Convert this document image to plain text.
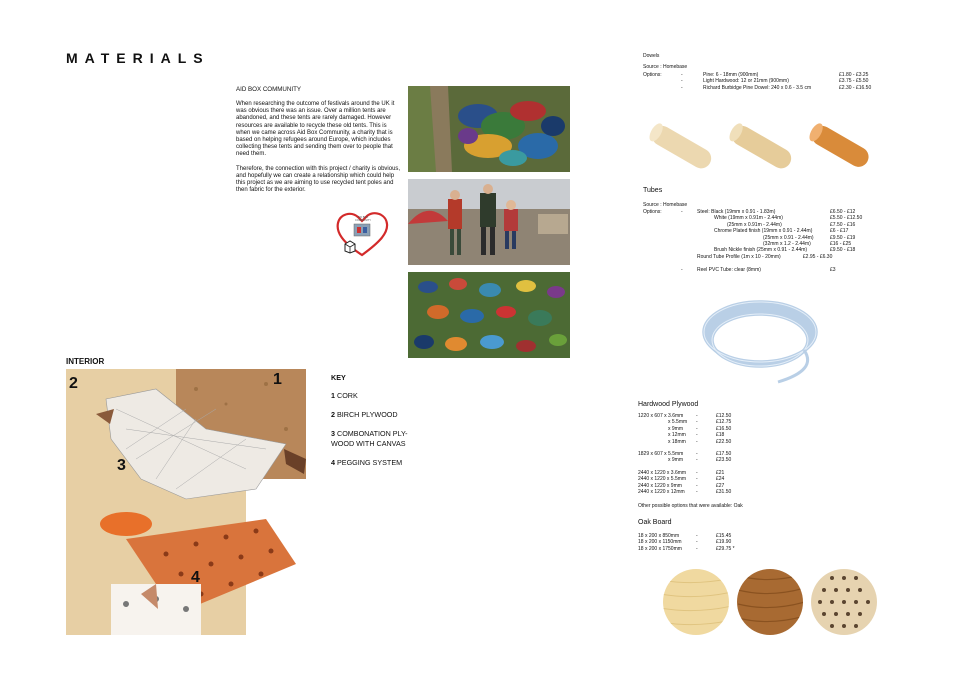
MATERIALS
AID BOX COMMUNITY

When researching the outcome of festivals around the UK it was obvious there was an issue. Over a million tents are abandoned, and these tents are rarely damaged. However resources are available to recycle these old tents. This is when we came across Aid Box Community, a charity that is based on helping refugees around Europe, which includes collecting these tents and sending them over to people that need them.

Therefore, the connection with this project / charity is obvious, and hopefully we can create a relationship which could help this project as we are aiming to use recycled tent poles and then fabric for the exterior.

AID BOX COMMUNITY
INTERIOR
2	1
3
4
KEY
1 CORK
2 BIRCH PLYWOOD
3 COMBONATION PLY-WOOD WITH CANVAS
4 PEGGING SYSTEM
Dowels
Source : Homebase
Options:	-	Pine: 6 - 18mm (900mm)	£1.80 - £3.25
	-	Light Hardwood: 12 or 21mm (900mm)	£3.75 - £5.50
	-	Richard Burbidge Pine Dowel: 240 x 0.6 - 3.5 cm	£2.30 - £16.50
Tubes
Source : Homebase
Options:	-	Steel: Black (19mm x 0.91 - 1.83m)	£6.50 - £12
		White (19mm x 0.91m - 2.44m)	£5.50 - £12.50
		(25mm x 0.91m - 2.44m)	£7.50 - £16
		Chrome Plated finish (19mm x 0.91 - 2.44m)	£6 - £17
		(25mm x 0.91 - 2.44m)	£9.50 - £19
		(32mm x 1.2 - 2.44m)	£16 - £25
		Brush Nickle finish (25mm x 0.91 - 2.44m)	£9.50 - £18
		Round Tube Profile (1m x 10 - 20mm) £2.95 - £6.30	
	-	Reel PVC Tube: clear (8mm)	£3
Hardwood Plywood
1220 x 607 x 3.6mm	-	£12.50
x 5.5mm	-	£12.75
x 9mm	-	£16.50
x 12mm	-	£18
x 18mm	-	£22.50
1829 x 607 x 5.5mm	-	£17.50
x 9mm	-	£23.50
2440 x 1220 x 3.6mm	-	£21
2440 x 1220 x 5.5mm	-	£24
2440 x 1220 x 9mm	-	£27
2440 x 1220 x 12mm	-	£31.50
Other possible options that were available: Oak
Oak Board
18 x 200 x 850mm	-	£15.45
18 x 200 x 1150mm	-	£19.90
18 x 200 x 1750mm	-	£29.75 *
